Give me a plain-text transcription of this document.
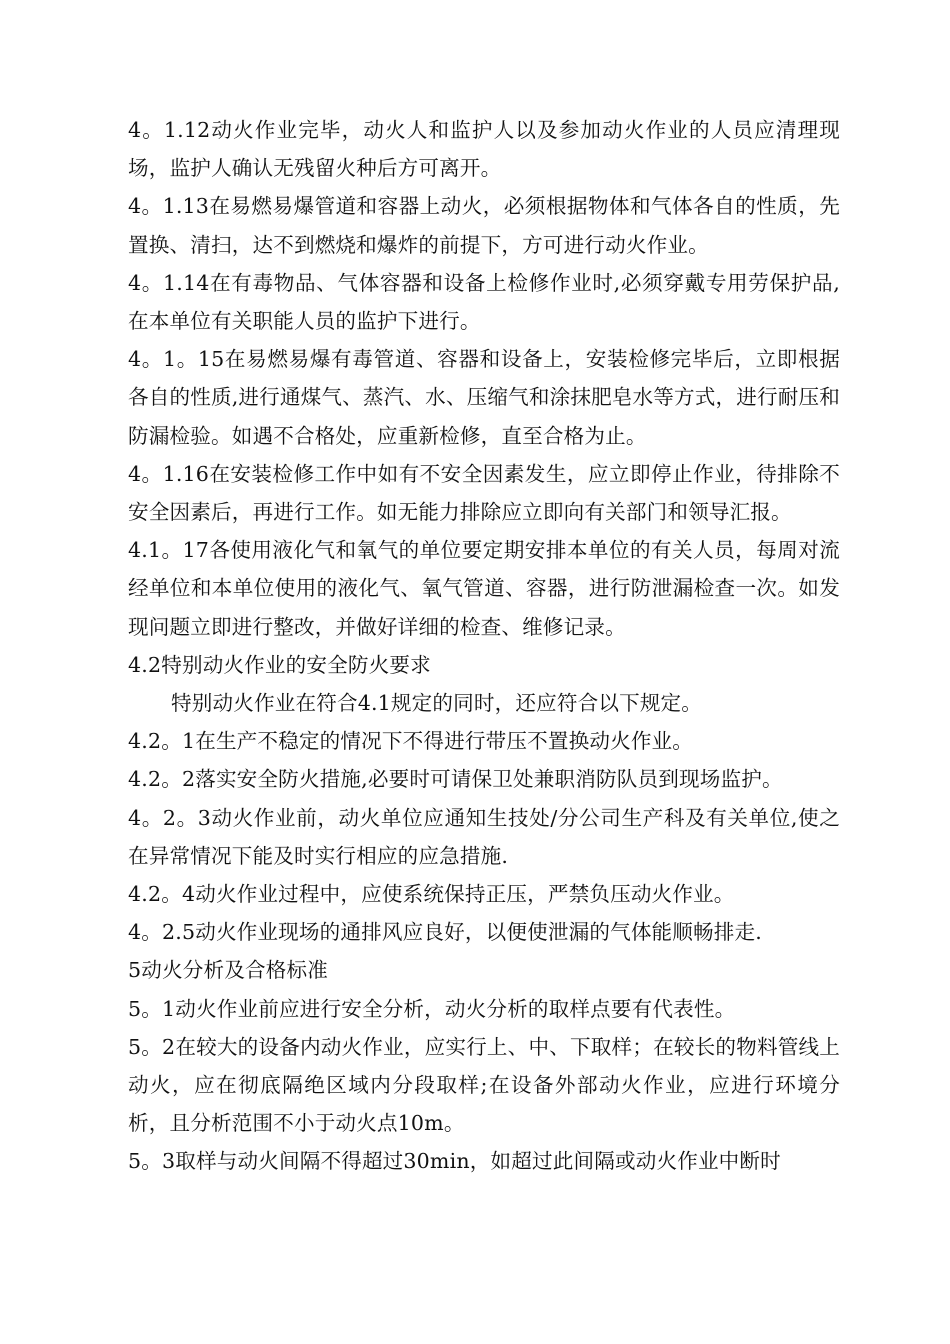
4。1.12动火作业完毕，动火人和监护人以及参加动火作业的人员应清理现场，监护人确认无残留火种后方可离开。

4。1.13在易燃易爆管道和容器上动火，必须根据物体和气体各自的性质，先置换、清扫，达不到燃烧和爆炸的前提下，方可进行动火作业。

4。1.14在有毒物品、气体容器和设备上检修作业时,必须穿戴专用劳保护品,在本单位有关职能人员的监护下进行。

4。1。15在易燃易爆有毒管道、容器和设备上，安装检修完毕后，立即根据各自的性质,进行通煤气、蒸汽、水、压缩气和涂抹肥皂水等方式，进行耐压和防漏检验。如遇不合格处，应重新检修，直至合格为止。

4。1.16在安装检修工作中如有不安全因素发生，应立即停止作业，待排除不安全因素后，再进行工作。如无能力排除应立即向有关部门和领导汇报。

4.1。17各使用液化气和氧气的单位要定期安排本单位的有关人员，每周对流经单位和本单位使用的液化气、氧气管道、容器，进行防泄漏检查一次。如发现问题立即进行整改，并做好详细的检查、维修记录。

4.2特别动火作业的安全防火要求

特别动火作业在符合4.1规定的同时，还应符合以下规定。

4.2。1在生产不稳定的情况下不得进行带压不置换动火作业。

4.2。2落实安全防火措施,必要时可请保卫处兼职消防队员到现场监护。

4。2。3动火作业前，动火单位应通知生技处/分公司生产科及有关单位,使之在异常情况下能及时实行相应的应急措施.

4.2。4动火作业过程中，应使系统保持正压，严禁负压动火作业。

4。2.5动火作业现场的通排风应良好，以便使泄漏的气体能顺畅排走.

5动火分析及合格标准

5。1动火作业前应进行安全分析，动火分析的取样点要有代表性。

5。2在较大的设备内动火作业，应实行上、中、下取样；在较长的物料管线上动火，应在彻底隔绝区域内分段取样;在设备外部动火作业，应进行环境分析，且分析范围不小于动火点10m。

5。3取样与动火间隔不得超过30min，如超过此间隔或动火作业中断时
